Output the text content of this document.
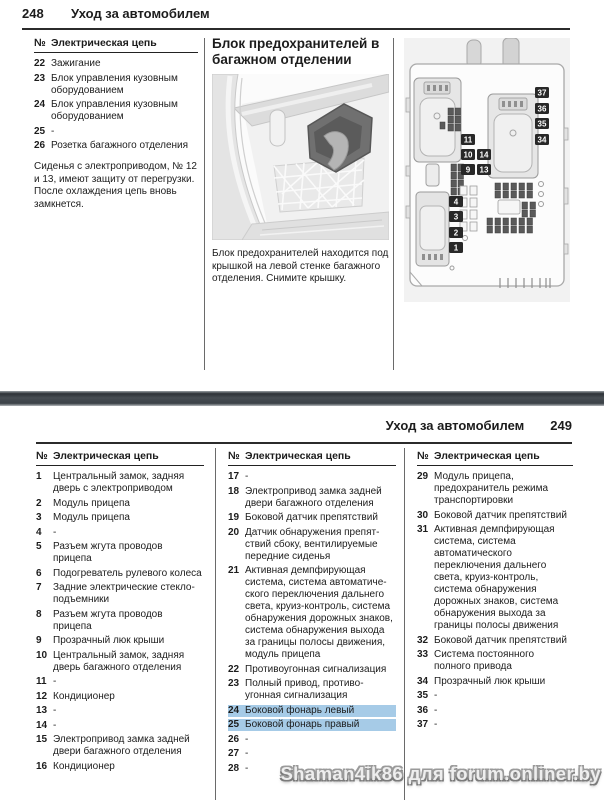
248 Уход за автомобилем
№ Электрическая цепь
22 Зажигание
23 Блок управления кузовным оборудованием
24 Блок управления кузовным оборудованием
25 -
26 Розетка багажного отделения
Сиденья с электроприводом, № 12 и 13, имеют защиту от перегрузки. После охлаждения цепь вновь замкнется.
Блок предохранителей в багажном отделении
Блок предохранителей находится под крышкой на левой стенке багажного отделения. Снимите крышку.
37
36
35
34
11
10 14
9 13
4
3
2
1
Уход за автомобилем 249
№ Электрическая цепь
1	Центральный замок, задняя дверь с электроприводом
2	Модуль прицепа
3	Модуль прицепа
4	-
5	Разъем жгута проводов прицепа
6	Подогреватель рулевого колеса
7	Задние электрические стеклоподъемники
8	Разъем жгута проводов прицепа
9	Прозрачный люк крыши
10 Центральный замок, задняя дверь багажного отделения
11 -
12 Кондиционер
13 -
14 -
15 Электропривод замка задней двери багажного отделения
16 Кондиционер
№ Электрическая цепь
17 -
18 Электропривод замка задней двери багажного отделения
19 Боковой датчик препятствий
20 Датчик обнаружения препятствий сбоку, вентилируемые передние сиденья
21 Активная демпфирующая система, система автоматического переключения дальнего света, круиз-контроль, система обнаружения дорожных знаков, система обнаружения выхода за границы полосы движения, модуль прицепа
22 Противоугонная сигнализация
23 Полный привод, противоугонная сигнализация
24 Боковой фонарь левый
25 Боковой фонарь правый
26 -
27 -
28 -
№ Электрическая цепь
29 Модуль прицепа, предохранитель режима транспортировки
30 Боковой датчик препятствий
31 Активная демпфирующая система, система автоматического переключения дальнего света, круиз-контроль, система обнаружения дорожных знаков, система обнаружения выхода за границы полосы движения
32 Боковой датчик препятствий
33 Система постоянного полного привода
34 Прозрачный люк крыши
35 -
36 -
37 -
Shaman4ik86 для forum.onliner.by
